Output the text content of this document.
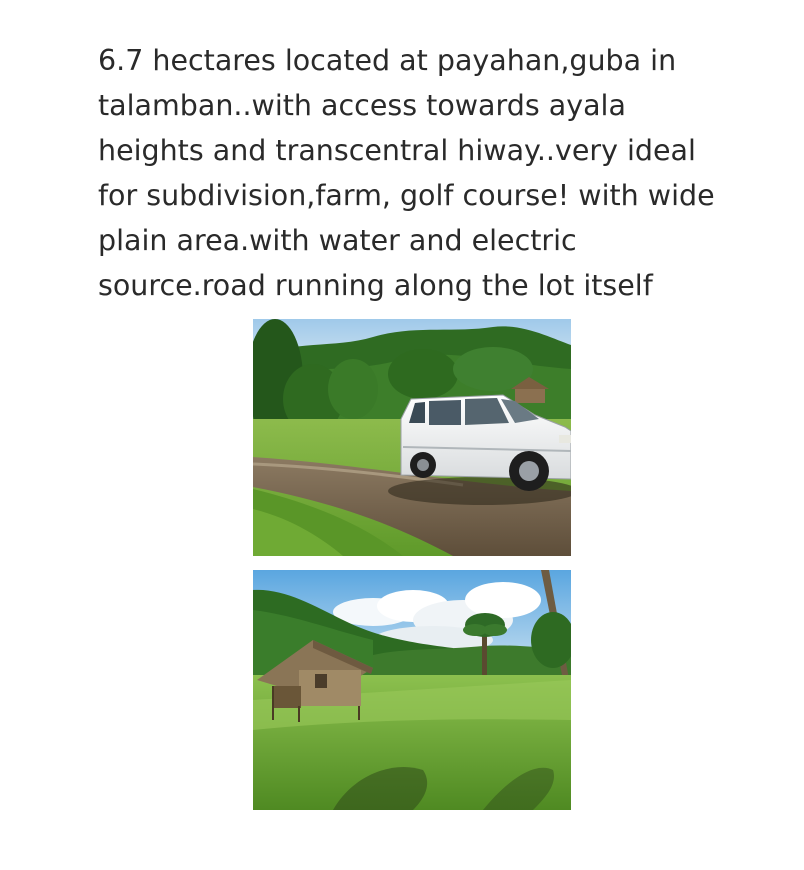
6.7 hectares located at payahan,guba in
talamban..with access towards ayala
heights and transcentral hiway..very ideal
for subdivision,farm, golf course! with wide
plain area.with water and electric
source.road running along the lot itself
